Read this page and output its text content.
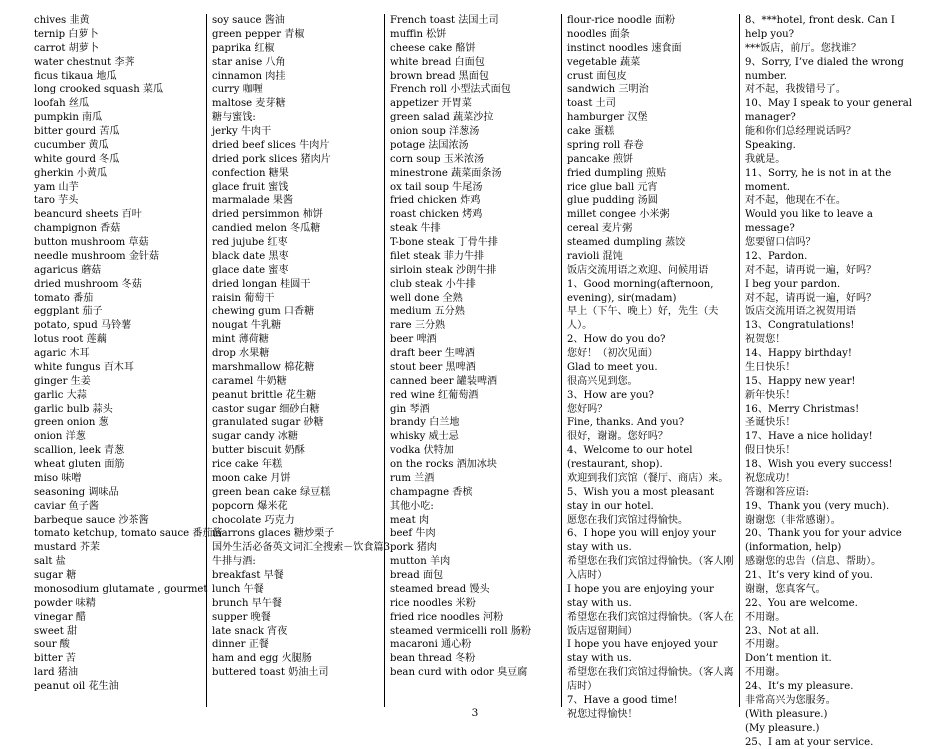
chives 韭黄
ternip 白萝卜
carrot 胡萝卜
water chestnut 李荠
ficus tikaua 地瓜
long crooked squash 菜瓜
loofah 丝瓜
pumpkin 南瓜
bitter gourd 苦瓜
cucumber 黄瓜
white gourd 冬瓜
gherkin 小黄瓜
yam 山芋
taro 芋头
beancurd sheets 百叶
champignon 香菇
button mushroom 草菇
needle mushroom 金针菇
agaricus 蘑菇
dried mushroom 冬菇
tomato 番茄
eggplant 茄子
potato, spud 马铃薯
lotus root 莲藕
agaric 木耳
white fungus 百木耳
ginger 生姜
garlic 大蒜
garlic bulb 蒜头
green onion 葱
onion 洋葱
scallion, leek 青葱
wheat gluten 面筋
miso 味噌
seasoning 调味品
caviar 鱼子酱
barbeque sauce 沙茶酱
tomato ketchup, tomato sauce 番茄酱
mustard 芥茉
salt 盐
sugar 糖
monosodium glutamate , gourmet
powder 味精
vinegar 醋
sweet 甜
sour 酸
bitter 苦
lard 猪油
peanut oil 花生油
soy sauce 酱油
green pepper 青椒
paprika 红椒
star anise 八角
cinnamon 肉挂
curry 咖喱
maltose 麦芽糖
糖与蜜饯:
jerky 牛肉干
dried beef slices 牛肉片
dried pork slices 猪肉片
confection 糖果
glace fruit 蜜饯
marmalade 果酱
dried persimmon 柿饼
candied melon 冬瓜糖
red jujube 红枣
black date 黑枣
glace date 蜜枣
dried longan 桂圆干
raisin 葡萄干
chewing gum 口香糖
nougat 牛乳糖
mint 薄荷糖
drop 水果糖
marshmallow 棉花糖
caramel 牛奶糖
peanut brittle 花生糖
castor sugar 细砂白糖
granulated sugar 砂糖
sugar candy 冰糖
butter biscuit 奶酥
rice cake 年糕
moon cake 月饼
green bean cake 绿豆糕
popcorn 爆米花
chocolate 巧克力
marrons glaces 糖炒栗子
国外生活必备英文词汇全搜索－饮食篇3
牛排与酒:
breakfast 早餐
lunch 午餐
brunch 早午餐
supper 晚餐
late snack 宵夜
dinner 正餐
ham and egg 火腿肠
buttered toast 奶油土司
French toast 法国土司
muffin 松饼
cheese cake 酪饼
white bread 白面包
brown bread 黑面包
French roll 小型法式面包
appetizer 开胃菜
green salad 蔬菜沙拉
onion soup 洋葱汤
potage 法国浓汤
corn soup 玉米浓汤
minestrone 蔬菜面条汤
ox tail soup 牛尾汤
fried chicken 炸鸡
roast chicken 烤鸡
steak 牛排
T-bone steak 丁骨牛排
filet steak 菲力牛排
sirloin steak 沙朗牛排
club steak 小牛排
well done 全熟
medium 五分熟
rare 三分熟
beer 啤酒
draft beer 生啤酒
stout beer 黑啤酒
canned beer 罐装啤酒
red wine 红葡萄酒
gin 琴酒
brandy 白兰地
whisky 威士忌
vodka 伏特加
on the rocks 酒加冰块
rum 兰酒
champagne 香槟
其他小吃:
meat 肉
beef 牛肉
pork 猪肉
mutton 羊肉
bread 面包
steamed bread 馒头
rice noodles 米粉
fried rice noodles 河粉
steamed vermicelli roll 肠粉
macaroni 通心粉
bean thread 冬粉
bean curd with odor 臭豆腐
flour-rice noodle 面粉
noodles 面条
instinct noodles 速食面
vegetable 蔬菜
crust 面包皮
sandwich 三明治
toast 土司
hamburger 汉堡
cake 蛋糕
spring roll 春卷
pancake 煎饼
fried dumpling 煎贴
rice glue ball 元宵
glue pudding 汤圆
millet congee 小米粥
cereal 麦片粥
steamed dumpling 蒸饺
ravioli 混饨
饭店交流用语之欢迎、问候用语
1、Good morning(afternoon, evening), sir(madam)
早上（下午、晚上）好，先生（夫人）。
2、How do you do?
您好！（初次见面）
Glad to meet you.
很高兴见到您。
3、How are you?
您好吗？
Fine, thanks. And you?
很好，谢谢。您好吗？
4、Welcome to our hotel (restaurant, shop).
欢迎到我们宾馆（餐厅、商店）来。
5、Wish you a most pleasant stay in our hotel.
愿您在我们宾馆过得愉快。
6、I hope you will enjoy your stay with us.
希望您在我们宾馆过得愉快。（客人刚入店时）
I hope you are enjoying your stay with us.
希望您在我们宾馆过得愉快。（客人在饭店逗留期间）
I hope you have enjoyed your stay with us.
希望您在我们宾馆过得愉快。（客人离店时）
7、Have a good time!
祝您过得愉快！
8、***hotel, front desk. Can I help you?
***饭店，前厅。您找谁？
9、Sorry, I’ve dialed the wrong number.
对不起，我拨错号了。
10、May I speak to your general manager?
能和你们总经理说话吗？
Speaking.
我就是。
11、Sorry, he is not in at the moment.
对不起，他现在不在。
Would you like to leave a message?
您要留口信吗？
12、Pardon.
对不起，请再说一遍，好吗？
I beg your pardon.
对不起，请再说一遍，好吗？
饭店交流用语之祝贺用语
13、Congratulations!
祝贺您！
14、Happy birthday!
生日快乐！
15、Happy new year!
新年快乐！
16、Merry Christmas!
圣诞快乐！
17、Have a nice holiday!
假日快乐！
18、Wish you every success!
祝您成功！
答谢和答应语:
19、Thank you (very much).
谢谢您（非常感谢）。
20、Thank you for your advice (information, help)
感谢您的忠告（信息、帮助）。
21、It’s very kind of you.
谢谢，您真客气。
22、You are welcome.
不用谢。
23、Not at all.
不用谢。
Don’t mention it.
不用谢。
24、It’s my pleasure.
非常高兴为您服务。
(With pleasure.)
(My pleasure.)
25、I am at your service.
3
